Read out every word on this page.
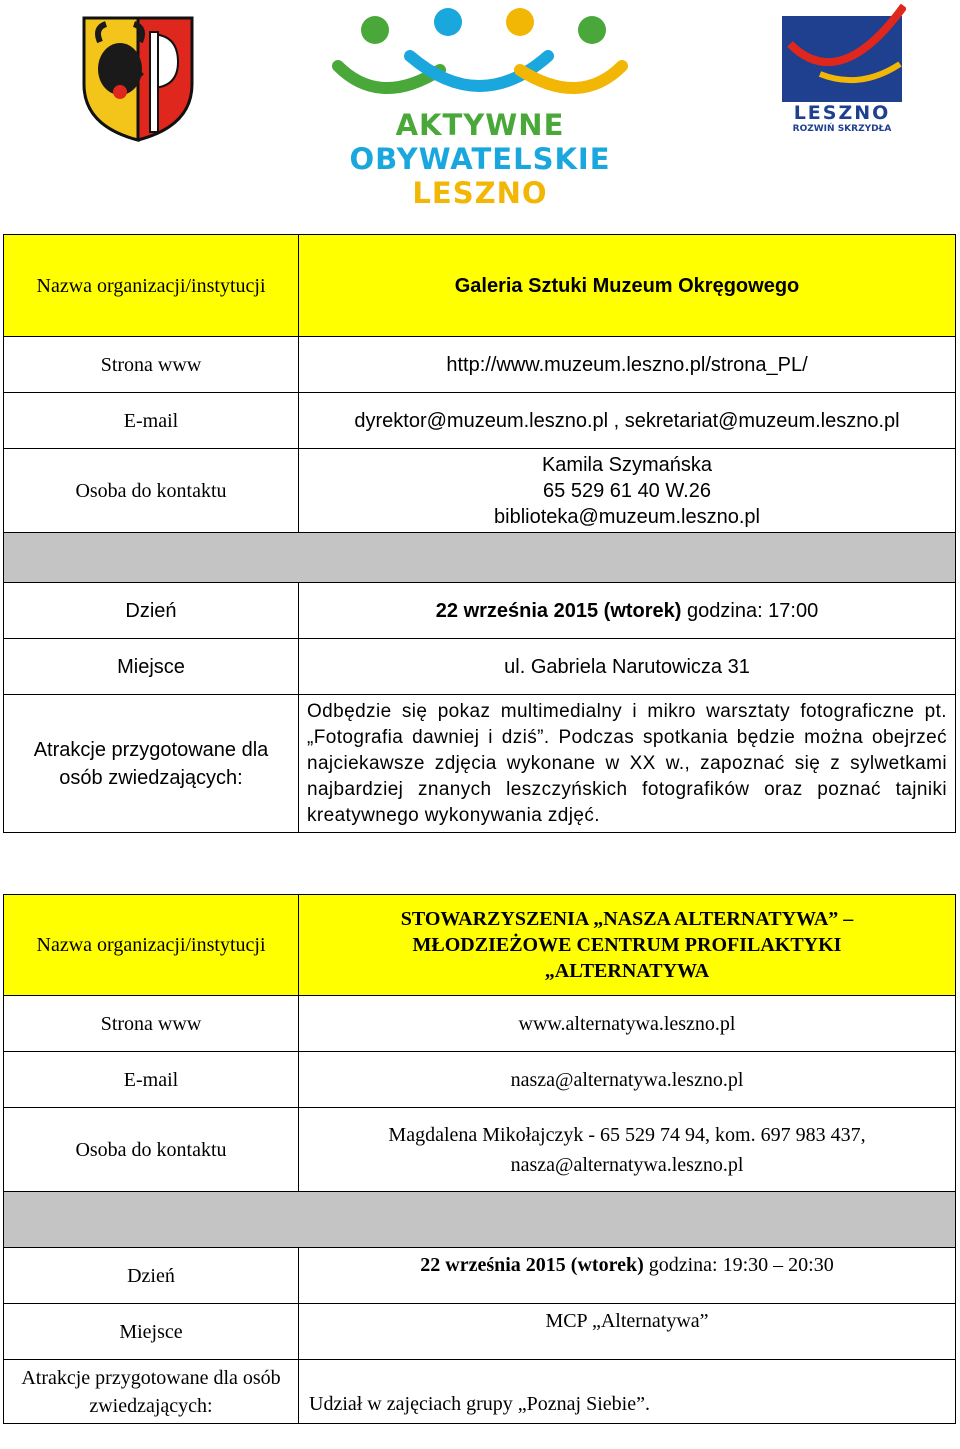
AKTYWNE
OBYWATELSKIE
LESZNO
LESZNO
ROZWIŃ SKRZYDŁA
Nazwa organizacji/instytucji	Galeria Sztuki Muzeum Okręgowego
Strona www	http://www.muzeum.leszno.pl/strona_PL/
E-mail	dyrektor@muzeum.leszno.pl , sekretariat@muzeum.leszno.pl
Osoba do kontaktu	Kamila Szymańska
65 529 61 40 W.26
biblioteka@muzeum.leszno.pl

Dzień	22 września 2015 (wtorek) godzina: 17:00
Miejsce	ul. Gabriela Narutowicza 31
Atrakcje przygotowane dla osób zwiedzających:	Odbędzie się pokaz multimedialny i mikro warsztaty fotograficzne pt. „Fotografia dawniej i dziś”. Podczas spotkania będzie można obejrzeć najciekawsze zdjęcia wykonane w XX w., zapoznać się z sylwetkami najbardziej znanych leszczyńskich fotografików oraz poznać tajniki kreatywnego wykonywania zdjęć.
Nazwa organizacji/instytucji	STOWARZYSZENIA „NASZA ALTERNATYWA” –
MŁODZIEŻOWE CENTRUM PROFILAKTYKI
„ALTERNATYWA

Strona www	www.alternatywa.leszno.pl
E-mail	nasza@alternatywa.leszno.pl
Osoba do kontaktu	Magdalena Mikołajczyk - 65 529 74 94, kom. 697 983 437,
nasza@alternatywa.leszno.pl

Dzień	22 września 2015 (wtorek) godzina: 19:30 – 20:30
Miejsce	MCP „Alternatywa”
Atrakcje przygotowane dla osób zwiedzających:	Udział w zajęciach grupy „Poznaj Siebie”.
